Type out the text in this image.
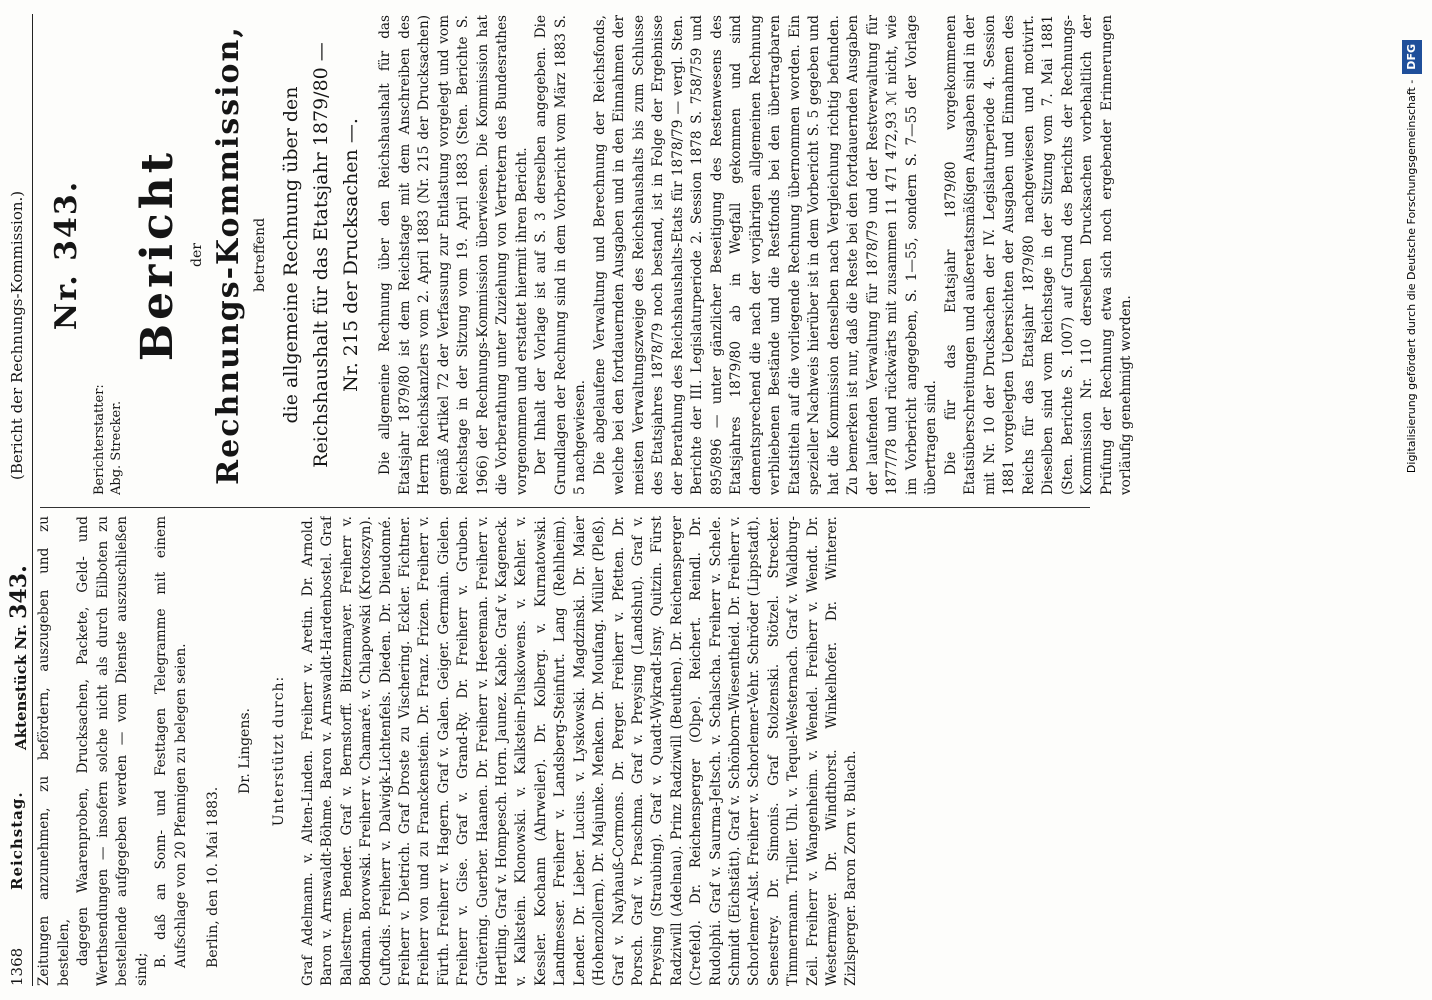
1368
Reichstag.
Aktenstück Nr. 343.
(Bericht der Rechnungs-Kommission.)

Zeitungen anzunehmen, zu befördern, auszugeben und zu bestellen, dagegen Waarenproben, Drucksachen, Packete, Geld- und Werthsendungen — insofern solche nicht als durch Eilboten zu bestellende aufgegeben werden — vom Dienste auszuschließen sind;

B. daß an Sonn- und Festtagen Telegramme mit einem Aufschlage von 20 Pfennigen zu belegen seien. Berlin, den 10. Mai 1883.

Dr. Lingens. Unterstützt durch: Graf Adelmann. v. Alten-Linden. Freiherr v. Aretin. Dr. Arnold. Baron v. Arnswaldt-Böhme. Baron v. Arnswaldt-Hardenbostel. Graf Ballestrem. Bender. Graf v. Bernstorff. Bitzenmayer. Freiherr v. Bodman. Borowski. Freiherr v. Chamaré. v. Chlapowski (Krotoszyn). Cuftodis. Freiherr v. Dalwigk-Lichtenfels. Dieden. Dr. Dieudonné. Freiherr v. Dietrich. Graf Droste zu Vischering. Eckler. Fichtner. Freiherr von und zu Franckenstein. Dr. Franz. Frizen. Freiherr v. Fürth. Freiherr v. Hagern. Graf v. Galen. Geiger. Germain. Gielen. Freiherr v. Gise. Graf v. Grand-Ry. Dr. Freiherr v. Gruben. Grütering. Guerber. Haanen. Dr. Freiherr v. Heereman. Freiherr v. Hertling. Graf v. Hompesch. Horn. Jaunez. Kable. Graf v. Kageneck. v. Kalkstein. Klonowski. v. Kalkstein-Pluskowens. v. Kehler. v. Kessler. Kochann (Ahrweiler). Dr. Kolberg. v. Kurnatowski. Landmesser. Freiherr v. Landsberg-Steinfurt. Lang (Rehlheim). Lender. Dr. Lieber. Lucius. v. Lyskowski. Magdzinski. Dr. Maier (Hohenzollern). Dr. Majunke. Menken. Dr. Moufang. Müller (Pleß). Graf v. Nayhauß-Cormons. Dr. Perger. Freiherr v. Pfetten. Dr. Porsch. Graf v. Praschma. Graf v. Preysing (Landshut). Graf v. Preysing (Straubing). Graf v. Quadt-Wykradt-Isny. Quitzin. Fürst Radziwill (Adelnau). Prinz Radziwill (Beuthen). Dr. Reichensperger (Crefeld). Dr. Reichensperger (Olpe). Reichert. Reindl. Dr. Rudolphi. Graf v. Saurma-Jeltsch. v. Schalscha. Freiherr v. Schele. Schmidt (Eichstätt). Graf v. Schönborn-Wiesentheid. Dr. Freiherr v. Schorlemer-Alst. Freiherr v. Schorlemer-Vehr. Schröder (Lippstadt). Senestrey. Dr. Simonis. Graf Stolzenski. Stötzel. Strecker. Timmermann. Triller. Uhl. v. Tequel-Westernach. Graf v. Waldburg-Zeil. Freiherr v. Wangenheim. v. Wendel. Freiherr v. Wendt. Dr. Westermayer. Dr. Windthorst. Winkelhofer. Dr. Winterer. Zizlsperger. Baron Zorn v. Bulach.

Nr. 343.

Berichterstatter: Abg. Strecker.

Bericht der Rechnungs-Kommission, betreffend die allgemeine Rechnung über den Reichshaushalt für das Etatsjahr 1879/80 — Nr. 215 der Drucksachen —. Die allgemeine Rechnung über den Reichshaushalt für das Etatsjahr 1879/80 ist dem Reichstage mit dem Anschreiben des Herrn Reichskanzlers vom 2. April 1883 (Nr. 215 der Drucksachen) gemäß Artikel 72 der Verfassung zur Entlastung vorgelegt und vom Reichstage in der Sitzung vom 19. April 1883 (Sten. Berichte S. 1966) der Rechnungs-Kommission überwiesen. Die Kommission hat die Vorberathung unter Zuziehung von Vertretern des Bundesrathes vorgenommen und erstattet hiermit ihren Bericht. Der Inhalt der Vorlage ist auf S. 3 derselben angegeben. Die Grundlagen der Rechnung sind in dem Vorbericht vom März 1883 S. 5 nachgewiesen. Die abgelaufene Verwaltung und Berechnung der Reichsfonds, welche bei den fortdauernden Ausgaben und in den Einnahmen der meisten Verwaltungszweige des Reichshaushalts bis zum Schlusse des Etatsjahres 1878/79 noch bestand, ist in Folge der Ergebnisse der Berathung des Reichshaushalts-Etats für 1878/79 — vergl. Sten. Berichte der III. Legislaturperiode 2. Session 1878 S. 758/759 und 895/896 — unter gänzlicher Beseitigung des Restenwesens des Etatsjahres 1879/80 ab in Wegfall gekommen und sind dementsprechend die nach der vorjährigen allgemeinen Rechnung verbliebenen Bestände und die Restfonds bei den übertragbaren Etatstiteln auf die vorliegende Rechnung übernommen worden. Ein spezieller Nachweis hierüber ist in dem Vorbericht S. 5 gegeben und hat die Kommission denselben nach Vergleichung richtig befunden. Zu bemerken ist nur, daß die Reste bei den fortdauernden Ausgaben der laufenden Verwaltung für 1878/79 und der Restverwaltung für 1877/78 und rückwärts mit zusammen 11 471 472,93 ℳ nicht, wie im Vorbericht angegeben, S. 1—55, sondern S. 7—55 der Vorlage übertragen sind. Die für das Etatsjahr 1879/80 vorgekommenen Etatsüberschreitungen und außeretatsmäßigen Ausgaben sind in der mit Nr. 10 der Drucksachen der IV. Legislaturperiode 4. Session 1881 vorgelegten Uebersichten der Ausgaben und Einnahmen des Reichs für das Etatsjahr 1879/80 nachgewiesen und motivirt. Dieselben sind vom Reichstage in der Sitzung vom 7. Mai 1881 (Sten. Berichte S. 1007) auf Grund des Berichts der Rechnungs-Kommission Nr. 110 derselben Drucksachen vorbehaltlich der Prüfung der Rechnung etwa sich noch ergebender Erinnerungen vorläufig genehmigt worden.	Digitalisierung gefördert durch die Deutsche Forschungsgemeinschaft -DFG
